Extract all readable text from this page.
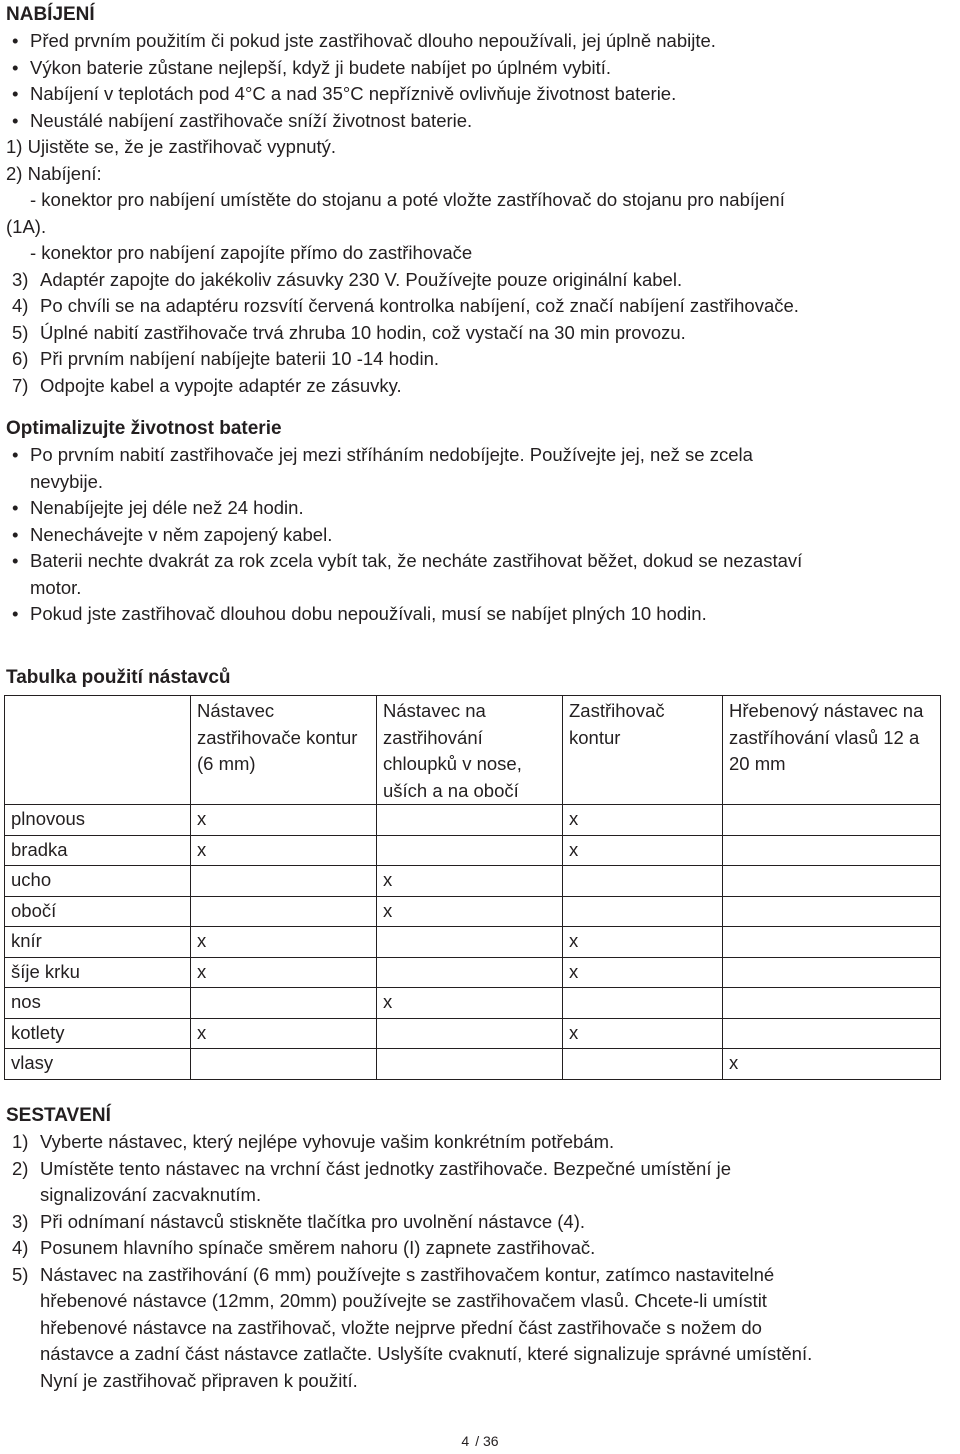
NABÍJENÍ
• Před prvním použitím či pokud jste zastřihovač dlouho nepoužívali, jej úplně nabijte.
• Výkon baterie zůstane nejlepší, když ji budete nabíjet po úplném vybití.
• Nabíjení v teplotách pod 4°C a nad 35°C nepříznivě ovlivňuje životnost baterie.
• Neustálé nabíjení zastřihovače sníží životnost baterie.
1) Ujistěte se, že je zastřihovač vypnutý.
2) Nabíjení:
- konektor pro nabíjení umístěte do stojanu a poté vložte zastříhovač do stojanu pro nabíjení
(1A).
- konektor pro nabíjení zapojíte přímo do zastřihovače
3) Adaptér zapojte do jakékoliv zásuvky 230 V. Používejte pouze originální kabel.
4) Po chvíli se na adaptéru rozsvítí červená kontrolka nabíjení, což značí nabíjení zastřihovače.
5) Úplné nabití zastřihovače trvá zhruba 10 hodin, což vystačí na 30 min provozu.
6) Při prvním nabíjení nabíjejte baterii 10 -14 hodin.
7) Odpojte kabel a vypojte adaptér ze zásuvky.
Optimalizujte životnost baterie
• Po prvním nabití zastřihovače jej mezi stříháním nedobíjejte. Používejte jej, než se zcela
nevybije.
• Nenabíjejte jej déle než 24 hodin.
• Nenechávejte v něm zapojený kabel.
• Baterii nechte dvakrát za rok zcela vybít tak, že necháte zastřihovat běžet, dokud se nezastaví
motor.
• Pokud jste zastřihovač dlouhou dobu nepoužívali, musí se nabíjet plných 10 hodin.
Tabulka použití nástavců
	Nástavec zastřihovače kontur (6 mm)	Nástavec na zastřihování chloupků v nose, uších a na obočí	Zastřihovač kontur	Hřebenový nástavec na zastříhování vlasů 12 a 20 mm
plnovous	x		x	
bradka	x		x	
ucho		x		
obočí		x		
knír	x		x	
šíje krku	x		x	
nos		x		
kotlety	x		x	
vlasy				x
SESTAVENÍ
1) Vyberte nástavec, který nejlépe vyhovuje vašim konkrétním potřebám.
2) Umístěte tento nástavec na vrchní část jednotky zastřihovače. Bezpečné umístění je
signalizování zacvaknutím.
3) Při odnímaní nástavců stiskněte tlačítka pro uvolnění nástavce (4).
4) Posunem hlavního spínače směrem nahoru (I) zapnete zastřihovač.
5) Nástavec na zastřihování (6 mm) používejte s zastřihovačem kontur, zatímco nastavitelné
hřebenové nástavce (12mm, 20mm) používejte se zastřihovačem vlasů. Chcete-li umístit
hřebenové nástavce na zastřihovač, vložte nejprve přední část zastřihovače s nožem do
nástavce a zadní část nástavce zatlačte. Uslyšíte cvaknutí, které signalizuje správné umístění.
Nyní je zastřihovač připraven k použití.
4 / 36
